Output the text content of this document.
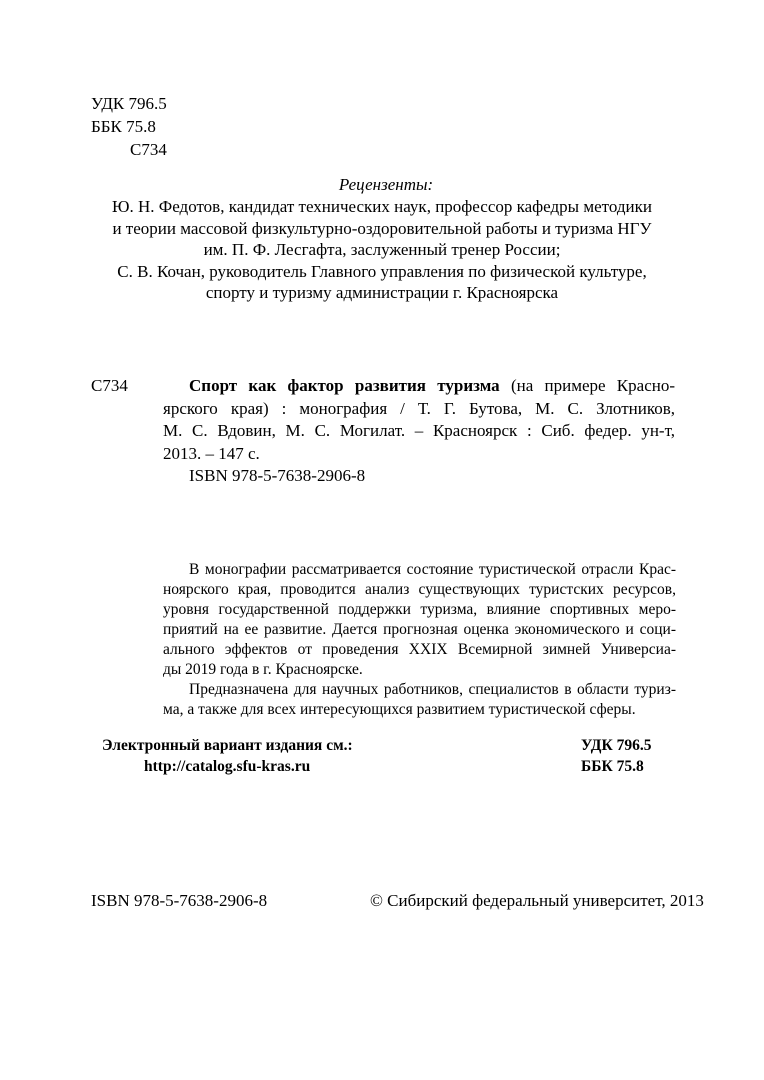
УДК 796.5
ББК 75.8
С734
Рецензенты:
Ю. Н. Федотов, кандидат технических наук, профессор кафедры методики
и теории массовой физкультурно-оздоровительной работы и туризма НГУ
им. П. Ф. Лесгафта, заслуженный тренер России;
С. В. Кочан, руководитель Главного управления по физической культуре,
спорту и туризму администрации г. Красноярска
С734	Спорт как фактор развития туризма (на примере Красно-
ярского края) : монография / Т. Г. Бутова, М. С. Злотников,
М. С. Вдовин, М. С. Могилат. – Красноярск : Сиб. федер. ун-т,
2013. – 147 с.
ISBN 978-5-7638-2906-8
В монографии рассматривается состояние туристической отрасли Крас-
ноярского края, проводится анализ существующих туристских ресурсов,
уровня государственной поддержки туризма, влияние спортивных меро-
приятий на ее развитие. Дается прогнозная оценка экономического и соци-
ального эффектов от проведения XXIX Всемирной зимней Универсиа-
ды 2019 года в г. Красноярске.
Предназначена для научных работников, специалистов в области туриз-
ма, а также для всех интересующихся развитием туристической сферы.
Электронный вариант издания см.:
http://catalog.sfu-kras.ru
УДК 796.5
ББК 75.8
ISBN 978-5-7638-2906-8	© Сибирский федеральный университет, 2013
